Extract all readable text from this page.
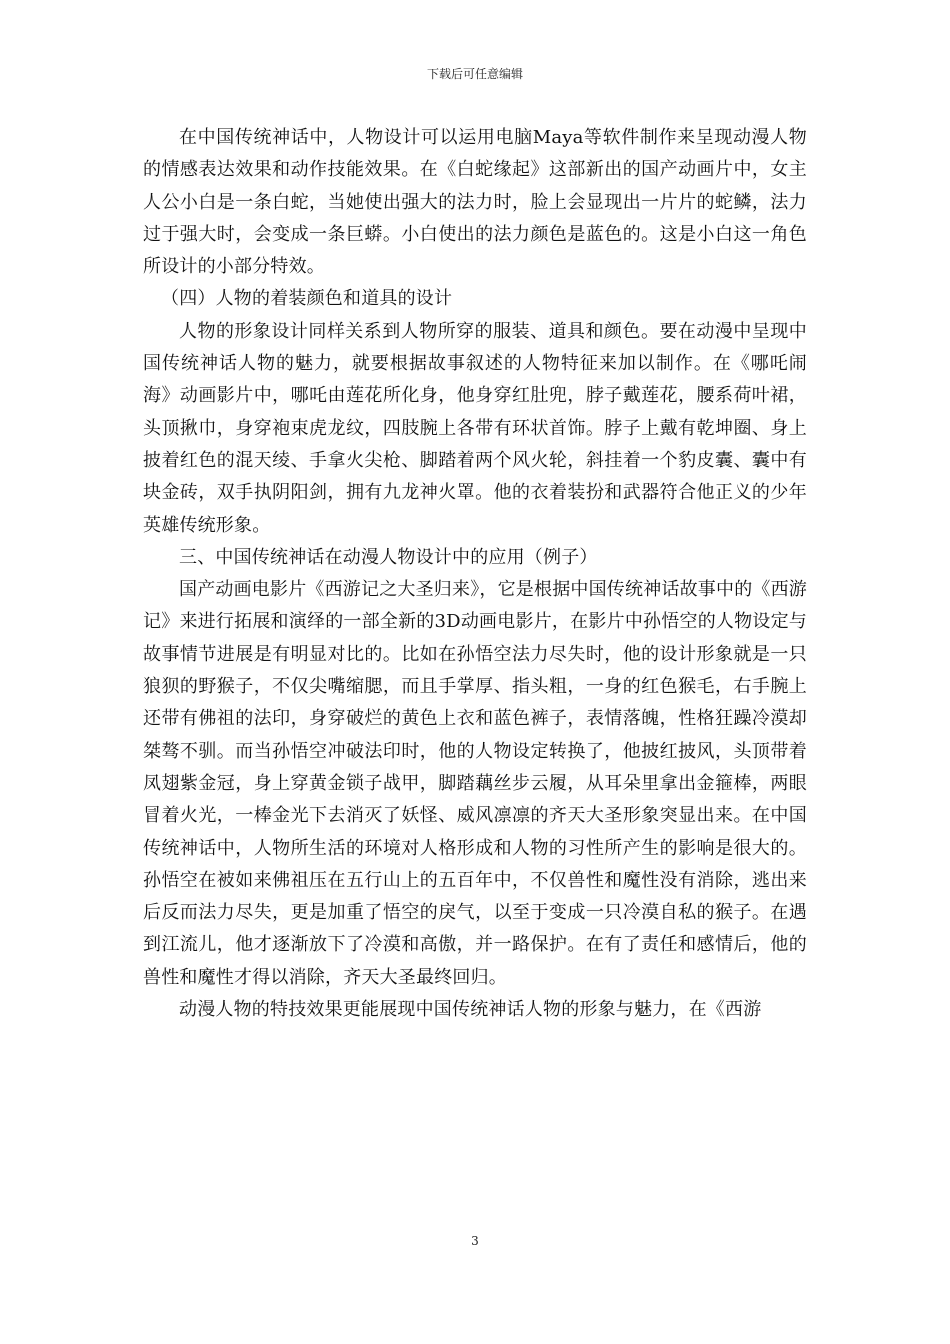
下载后可任意编辑

在中国传统神话中，人物设计可以运用电脑Maya等软件制作来呈现动漫人物的情感表达效果和动作技能效果。在《白蛇缘起》这部新出的国产动画片中，女主人公小白是一条白蛇，当她使出强大的法力时，脸上会显现出一片片的蛇鳞，法力过于强大时，会变成一条巨蟒。小白使出的法力颜色是蓝色的。这是小白这一角色所设计的小部分特效。

（四）人物的着装颜色和道具的设计

人物的形象设计同样关系到人物所穿的服装、道具和颜色。要在动漫中呈现中国传统神话人物的魅力，就要根据故事叙述的人物特征来加以制作。在《哪吒闹海》动画影片中，哪吒由莲花所化身，他身穿红肚兜，脖子戴莲花，腰系荷叶裙，头顶揪巾，身穿袍束虎龙纹，四肢腕上各带有环状首饰。脖子上戴有乾坤圈、身上披着红色的混天绫、手拿火尖枪、脚踏着两个风火轮，斜挂着一个豹皮囊、囊中有块金砖，双手执阴阳剑，拥有九龙神火罩。他的衣着装扮和武器符合他正义的少年英雄传统形象。

三、中国传统神话在动漫人物设计中的应用（例子）

国产动画电影片《西游记之大圣归来》，它是根据中国传统神话故事中的《西游记》来进行拓展和演绎的一部全新的3D动画电影片，在影片中孙悟空的人物设定与故事情节进展是有明显对比的。比如在孙悟空法力尽失时，他的设计形象就是一只狼狈的野猴子，不仅尖嘴缩腮，而且手掌厚、指头粗，一身的红色猴毛，右手腕上还带有佛祖的法印，身穿破烂的黄色上衣和蓝色裤子，表情落魄，性格狂躁冷漠却桀骜不驯。而当孙悟空冲破法印时，他的人物设定转换了，他披红披风，头顶带着凤翅紫金冠，身上穿黄金锁子战甲，脚踏藕丝步云履，从耳朵里拿出金箍棒，两眼冒着火光，一棒金光下去消灭了妖怪、威风凛凛的齐天大圣形象突显出来。在中国传统神话中，人物所生活的环境对人格形成和人物的习性所产生的影响是很大的。孙悟空在被如来佛祖压在五行山上的五百年中，不仅兽性和魔性没有消除，逃出来后反而法力尽失，更是加重了悟空的戾气，以至于变成一只冷漠自私的猴子。在遇到江流儿，他才逐渐放下了冷漠和高傲，并一路保护。在有了责任和感情后，他的兽性和魔性才得以消除，齐天大圣最终回归。

动漫人物的特技效果更能展现中国传统神话人物的形象与魅力，在《西游

3
